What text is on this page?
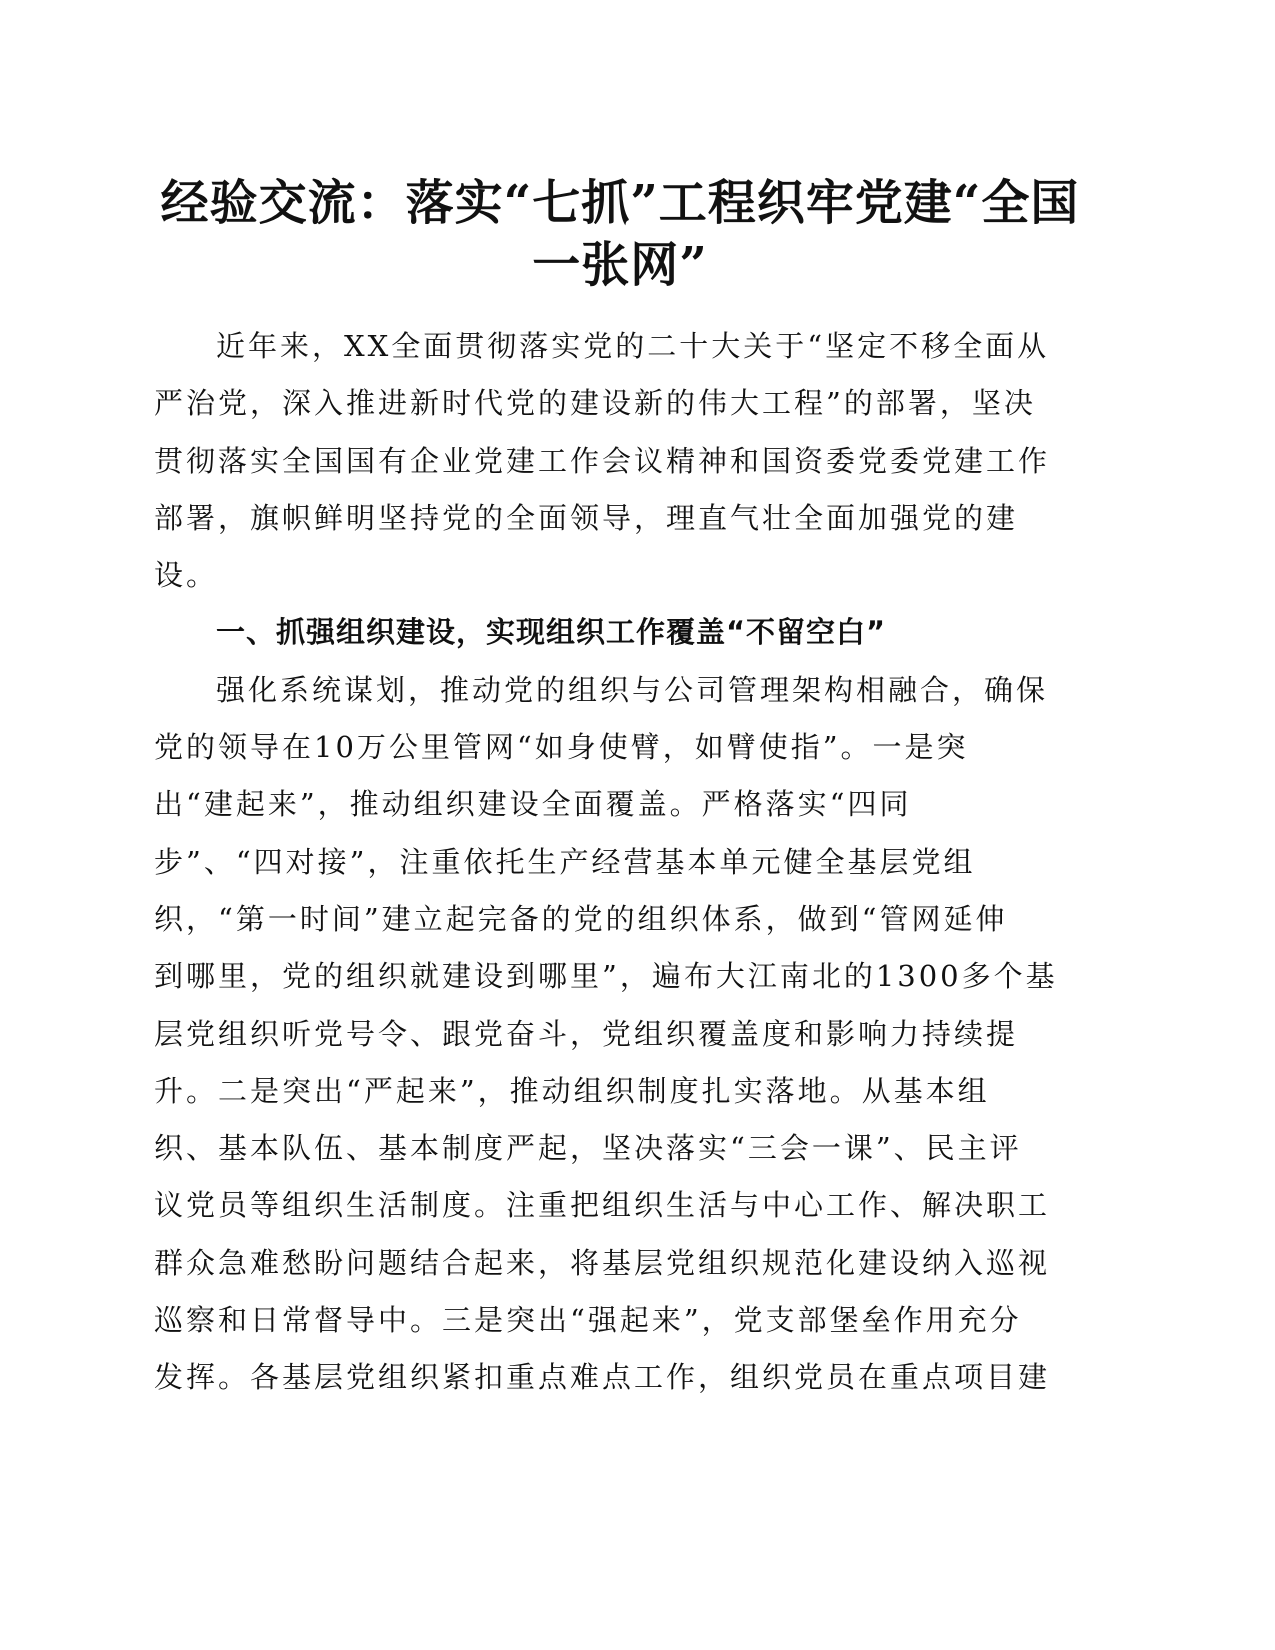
经验交流：落实“七抓”工程织牢党建“全国
一张网”
近年来，XX全面贯彻落实党的二十大关于“坚定不移全面从
严治党，深入推进新时代党的建设新的伟大工程”的部署，坚决
贯彻落实全国国有企业党建工作会议精神和国资委党委党建工作
部署，旗帜鲜明坚持党的全面领导，理直气壮全面加强党的建
设。
一、抓强组织建设，实现组织工作覆盖“不留空白”
强化系统谋划，推动党的组织与公司管理架构相融合，确保
党的领导在10万公里管网“如身使臂，如臂使指”。一是突
出“建起来”，推动组织建设全面覆盖。严格落实“四同
步”、“四对接”，注重依托生产经营基本单元健全基层党组
织，“第一时间”建立起完备的党的组织体系，做到“管网延伸
到哪里，党的组织就建设到哪里”，遍布大江南北的1300多个基
层党组织听党号令、跟党奋斗，党组织覆盖度和影响力持续提
升。二是突出“严起来”，推动组织制度扎实落地。从基本组
织、基本队伍、基本制度严起，坚决落实“三会一课”、民主评
议党员等组织生活制度。注重把组织生活与中心工作、解决职工
群众急难愁盼问题结合起来，将基层党组织规范化建设纳入巡视
巡察和日常督导中。三是突出“强起来”，党支部堡垒作用充分
发挥。各基层党组织紧扣重点难点工作，组织党员在重点项目建
